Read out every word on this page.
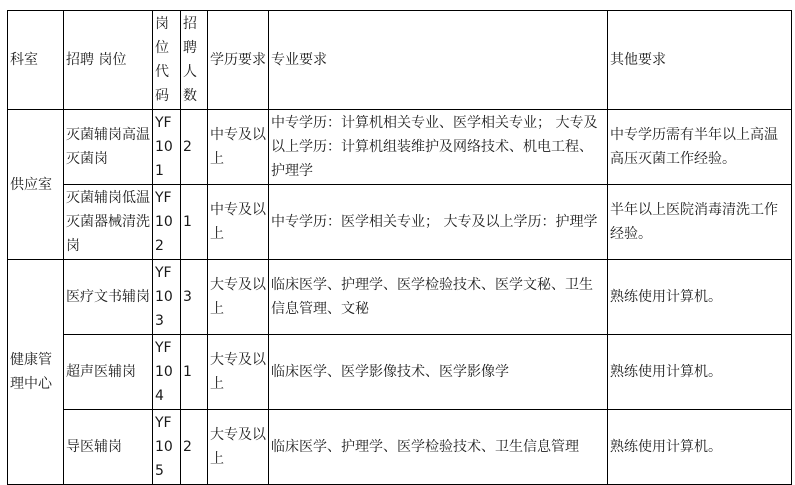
科室	招聘 岗位	岗位代码	招聘人数	学历要求	专业要求	其他要求
供应室	灭菌辅岗高温灭菌岗	YF101	2	中专及以上	中专学历：计算机相关专业、医学相关专业； 大专及以上学历：计算机组装维护及网络技术、机电工程、护理学	中专学历需有半年以上高温高压灭菌工作经验。
	灭菌辅岗低温灭菌器械清洗岗	YF102	1	中专及以上	中专学历：医学相关专业； 大专及以上学历：护理学	半年以上医院消毒清洗工作经验。
健康管理中心	医疗文书辅岗	YF103	3	大专及以上	临床医学、护理学、医学检验技术、医学文秘、卫生信息管理、文秘	熟练使用计算机。
	超声医辅岗	YF104	1	大专及以上	临床医学、医学影像技术、医学影像学	熟练使用计算机。
	导医辅岗	YF105	2	大专及以上	临床医学、护理学、医学检验技术、卫生信息管理	熟练使用计算机。
